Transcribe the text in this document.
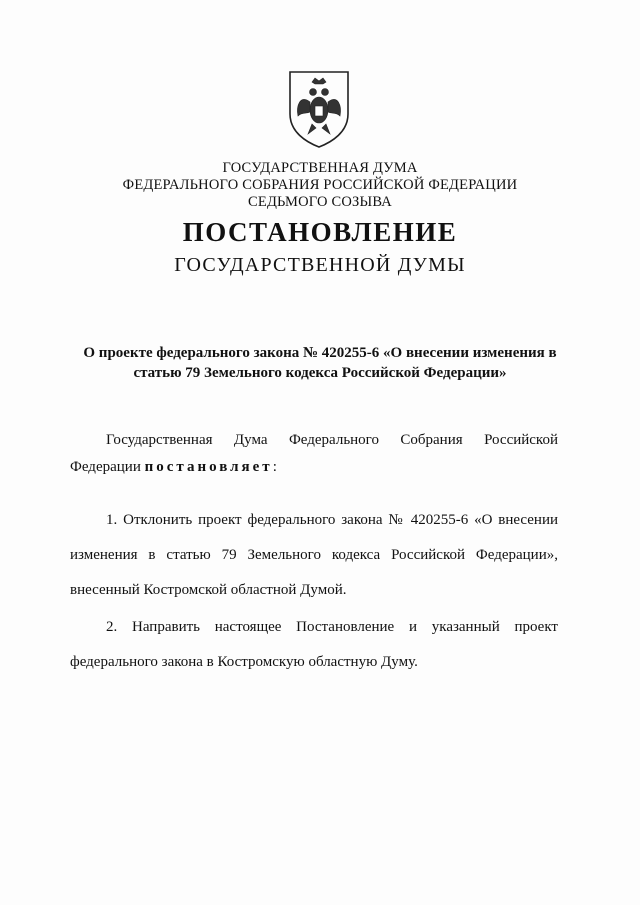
ГОСУДАРСТВЕННАЯ ДУМА
ФЕДЕРАЛЬНОГО СОБРАНИЯ РОССИЙСКОЙ ФЕДЕРАЦИИ
СЕДЬМОГО СОЗЫВА
ПОСТАНОВЛЕНИЕ
ГОСУДАРСТВЕННОЙ ДУМЫ
О проекте федерального закона № 420255-6 «О внесении изменения в
статью 79 Земельного кодекса Российской Федерации»
Государственная Дума Федерального Собрания Российской
Федерации постановляет:
1. Отклонить проект федерального закона № 420255-6 «О внесении
изменения в статью 79 Земельного кодекса Российской Федерации»,
внесенный Костромской областной Думой.
2. Направить настоящее Постановление и указанный проект
федерального закона в Костромскую областную Думу.
